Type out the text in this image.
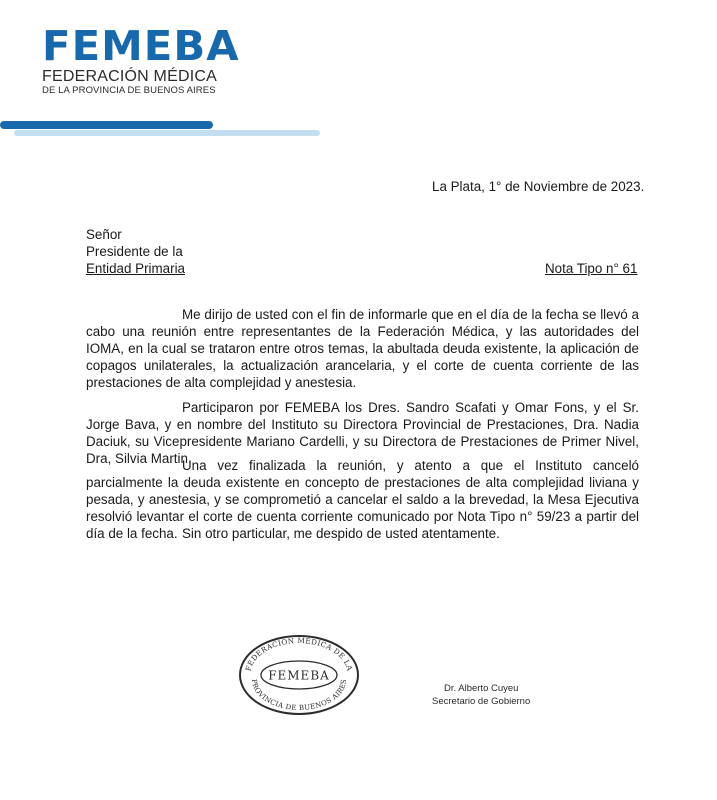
FEMEBA
FEDERACIÓN MÉDICA
DE LA PROVINCIA DE BUENOS AIRES
La Plata, 1° de Noviembre de 2023.
Señor
Presidente de la
Entidad Primaria	Nota Tipo n° 61

Me dirijo de usted con el fin de informarle que en el día de la fecha se llevó a cabo una reunión entre representantes de la Federación Médica, y las autoridades del IOMA, en la cual se trataron entre otros temas, la abultada deuda existente, la aplicación de copagos unilaterales, la actualización arancelaria, y el corte de cuenta corriente de las prestaciones de alta complejidad y anestesia.

Participaron por FEMEBA los Dres. Sandro Scafati y Omar Fons, y el Sr. Jorge Bava, y en nombre del Instituto su Directora Provincial de Prestaciones, Dra. Nadia Daciuk, su Vicepresidente Mariano Cardelli, y su Directora de Prestaciones de Primer Nivel, Dra, Silvia Martin.

Una vez finalizada la reunión, y atento a que el Instituto canceló parcialmente la deuda existente en concepto de prestaciones de alta complejidad liviana y pesada, y anestesia, y se comprometió a cancelar el saldo a la brevedad, la Mesa Ejecutiva resolvió levantar el corte de cuenta corriente comunicado por Nota Tipo n° 59/23 a partir del día de la fecha. Sin otro particular, me despido de usted atentamente.
FEDERACIÓN MÉDICA DE LA
FEMEBA
PROVINCIA DE BUENOS AIRES
Dr. Alberto Cuyeu
Secretario de Gobierno
